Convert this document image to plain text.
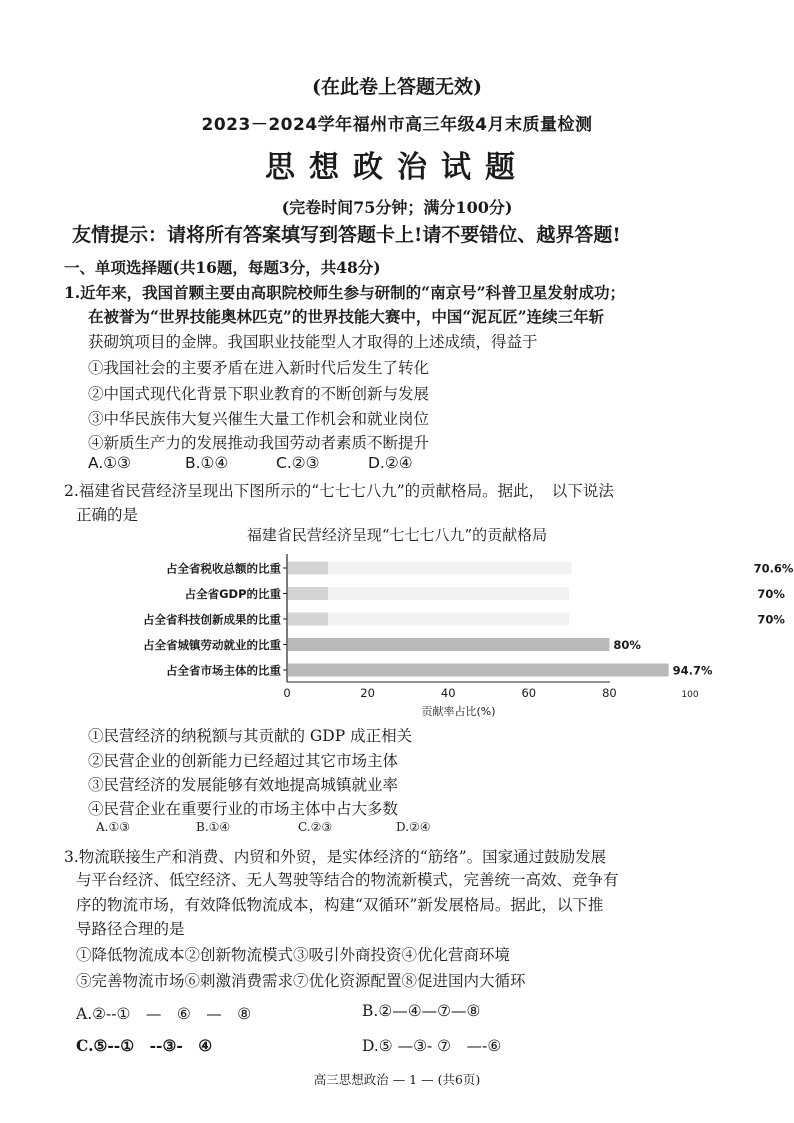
(在此卷上答题无效)
2023－2024学年福州市高三年级4月末质量检测
思想政治试题
(完卷时间75分钟；满分100分)
友情提示：请将所有答案填写到答题卡上!请不要错位、越界答题!
一、单项选择题(共16题，每题3分，共48分)
1.近年来，我国首颗主要由高职院校师生参与研制的“南京号”科普卫星发射成功；
在被誉为“世界技能奥林匹克”的世界技能大赛中，中国“泥瓦匠”连续三年斩
获砌筑项目的金牌。我国职业技能型人才取得的上述成绩，得益于
①我国社会的主要矛盾在进入新时代后发生了转化
②中国式现代化背景下职业教育的不断创新与发展
③中华民族伟大复兴催生大量工作机会和就业岗位
④新质生产力的发展推动我国劳动者素质不断提升
A.①③	B.①④	C.②③	D.②④
2.福建省民营经济呈现出下图所示的“七七七八九”的贡献格局。据此，　以下说法
正确的是
福建省民营经济呈现“七七七八九”的贡献格局
占全省税收总额的比重	70.6%
占全省GDP的比重	70%
占全省科技创新成果的比重	70%
占全省城镇劳动就业的比重	80%
占全省市场主体的比重	94.7%
0	20	40	60	80	100
贡献率占比(%)
①民营经济的纳税额与其贡献的 GDP 成正相关
②民营企业的创新能力已经超过其它市场主体
③民营经济的发展能够有效地提高城镇就业率
④民营企业在重要行业的市场主体中占大多数
A.①③	B.①④	C.②③	D.②④
3.物流联接生产和消费、内贸和外贸，是实体经济的“筋络”。国家通过鼓励发展
与平台经济、低空经济、无人驾驶等结合的物流新模式，完善统一高效、竞争有
序的物流市场，有效降低物流成本，构建“双循环”新发展格局。据此，以下推
导路径合理的是
①降低物流成本②创新物流模式③吸引外商投资④优化营商环境
⑤完善物流市场⑥刺激消费需求⑦优化资源配置⑧促进国内大循环
A.②--①　—　⑥　—　⑧	B.②—④—⑦—⑧
C.⑤--①　--③-　④	D.⑤ —③- ⑦　—-⑥
高三思想政治 — 1 — (共6页)
